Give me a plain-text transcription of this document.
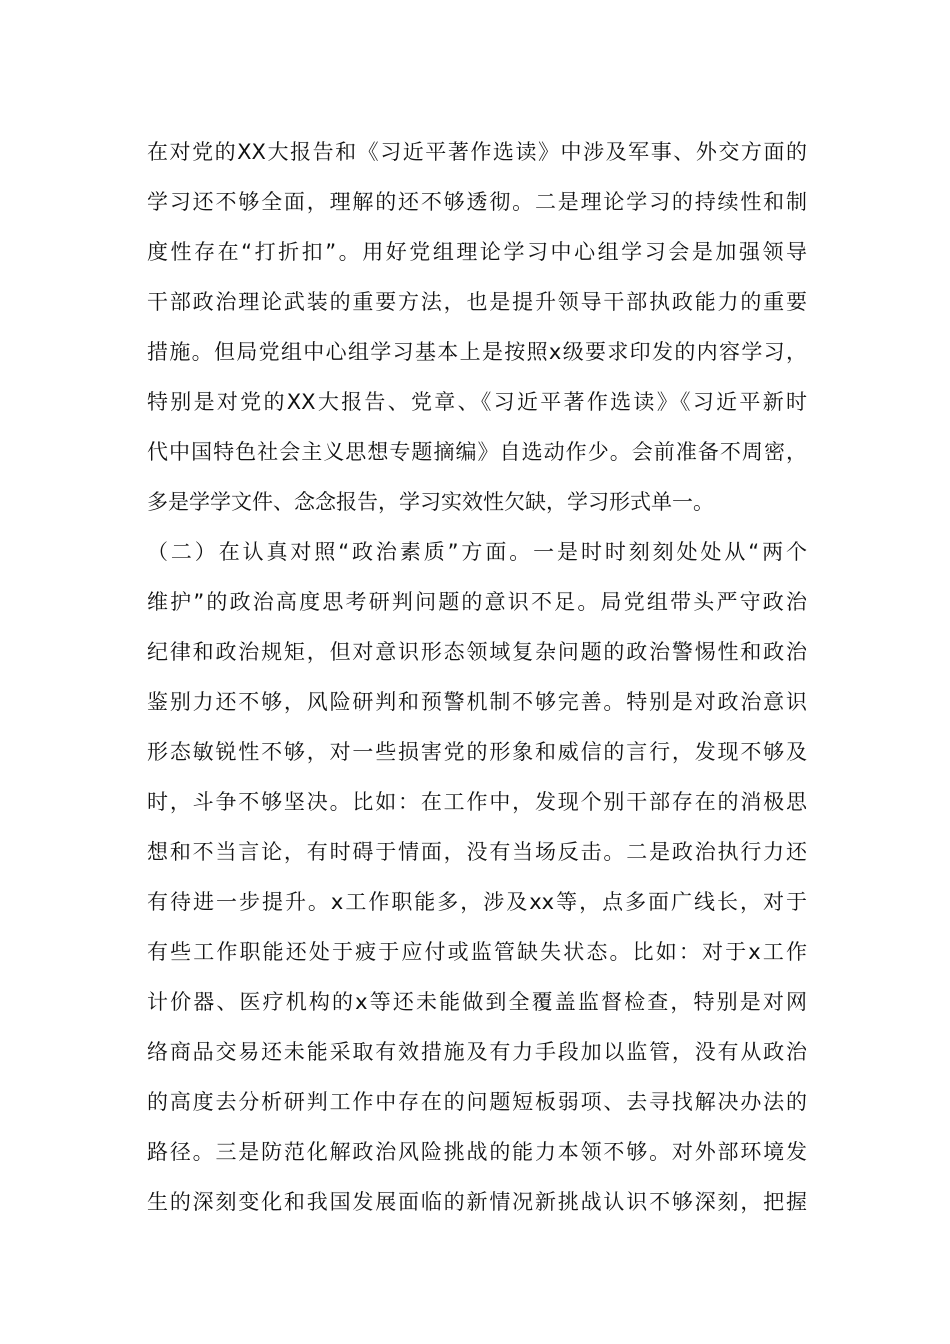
在对党的XX大报告和《习近平著作选读》中涉及军事、外交方面的
学习还不够全面，理解的还不够透彻。二是理论学习的持续性和制
度性存在“打折扣”。用好党组理论学习中心组学习会是加强领导
干部政治理论武装的重要方法，也是提升领导干部执政能力的重要
措施。但局党组中心组学习基本上是按照x级要求印发的内容学习，
特别是对党的XX大报告、党章、《习近平著作选读》《习近平新时
代中国特色社会主义思想专题摘编》自选动作少。会前准备不周密，
多是学学文件、念念报告，学习实效性欠缺，学习形式单一。
（二）在认真对照“政治素质”方面。一是时时刻刻处处从“两个
维护”的政治高度思考研判问题的意识不足。局党组带头严守政治
纪律和政治规矩，但对意识形态领域复杂问题的政治警惕性和政治
鉴别力还不够，风险研判和预警机制不够完善。特别是对政治意识
形态敏锐性不够，对一些损害党的形象和威信的言行，发现不够及
时，斗争不够坚决。比如：在工作中，发现个别干部存在的消极思
想和不当言论，有时碍于情面，没有当场反击。二是政治执行力还
有待进一步提升。x工作职能多，涉及xx等，点多面广线长，对于
有些工作职能还处于疲于应付或监管缺失状态。比如：对于x工作
计价器、医疗机构的x等还未能做到全覆盖监督检查，特别是对网
络商品交易还未能采取有效措施及有力手段加以监管，没有从政治
的高度去分析研判工作中存在的问题短板弱项、去寻找解决办法的
路径。三是防范化解政治风险挑战的能力本领不够。对外部环境发
生的深刻变化和我国发展面临的新情况新挑战认识不够深刻，把握
